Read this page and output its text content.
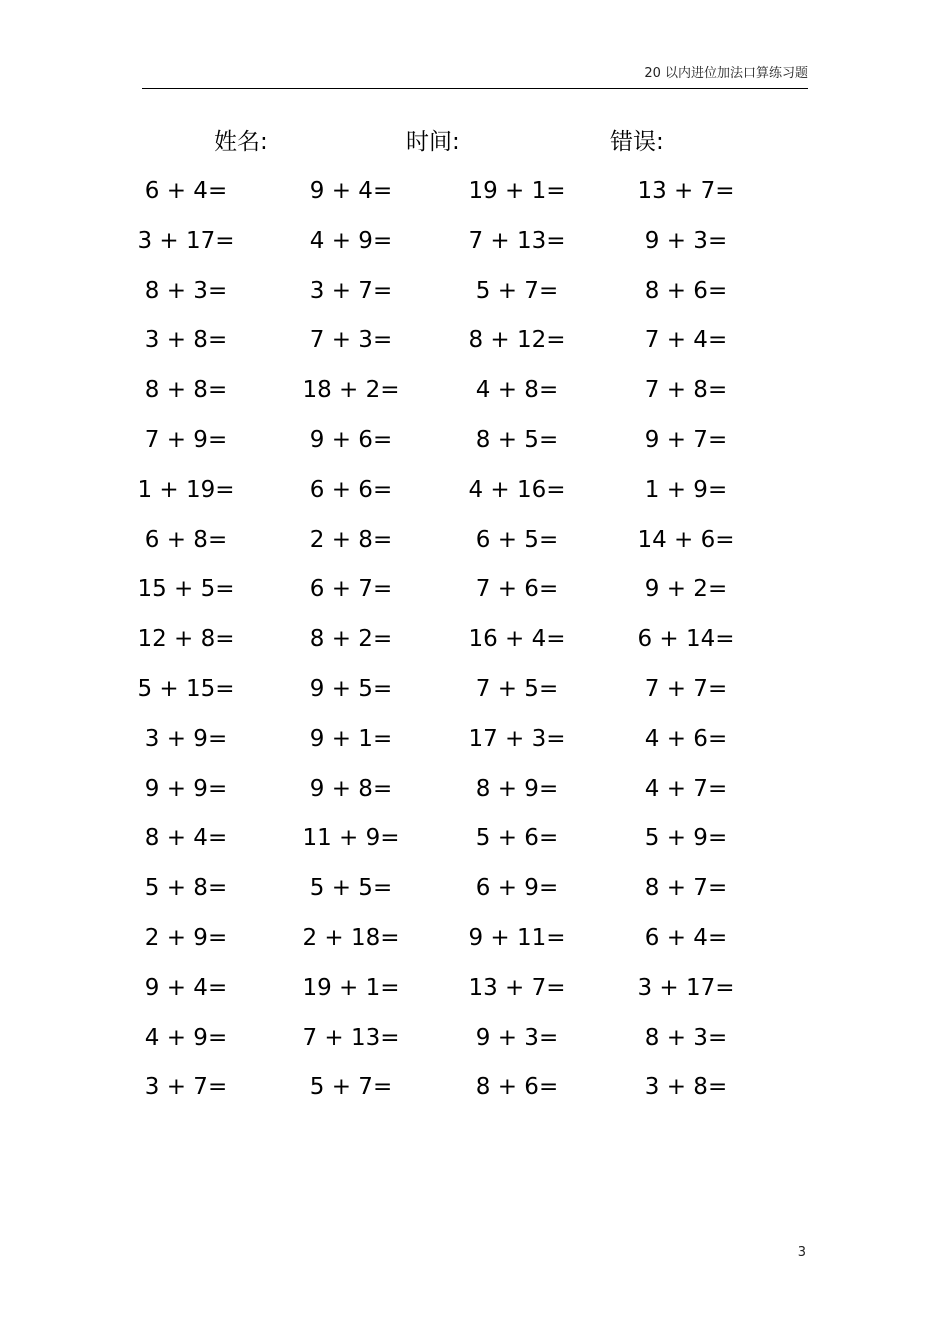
20 以内进位加法口算练习题
姓名:	时间:	错误:
6 + 4=	9 + 4=	19 + 1=	13 + 7=
3 + 17=	4 + 9=	7 + 13=	9 + 3=
8 + 3=	3 + 7=	5 + 7=	8 + 6=
3 + 8=	7 + 3=	8 + 12=	7 + 4=
8 + 8=	18 + 2=	4 + 8=	7 + 8=
7 + 9=	9 + 6=	8 + 5=	9 + 7=
1 + 19=	6 + 6=	4 + 16=	1 + 9=
6 + 8=	2 + 8=	6 + 5=	14 + 6=
15 + 5=	6 + 7=	7 + 6=	9 + 2=
12 + 8=	8 + 2=	16 + 4=	6 + 14=
5 + 15=	9 + 5=	7 + 5=	7 + 7=
3 + 9=	9 + 1=	17 + 3=	4 + 6=
9 + 9=	9 + 8=	8 + 9=	4 + 7=
8 + 4=	11 + 9=	5 + 6=	5 + 9=
5 + 8=	5 + 5=	6 + 9=	8 + 7=
2 + 9=	2 + 18=	9 + 11=	6 + 4=
9 + 4=	19 + 1=	13 + 7=	3 + 17=
4 + 9=	7 + 13=	9 + 3=	8 + 3=
3 + 7=	5 + 7=	8 + 6=	3 + 8=
3
